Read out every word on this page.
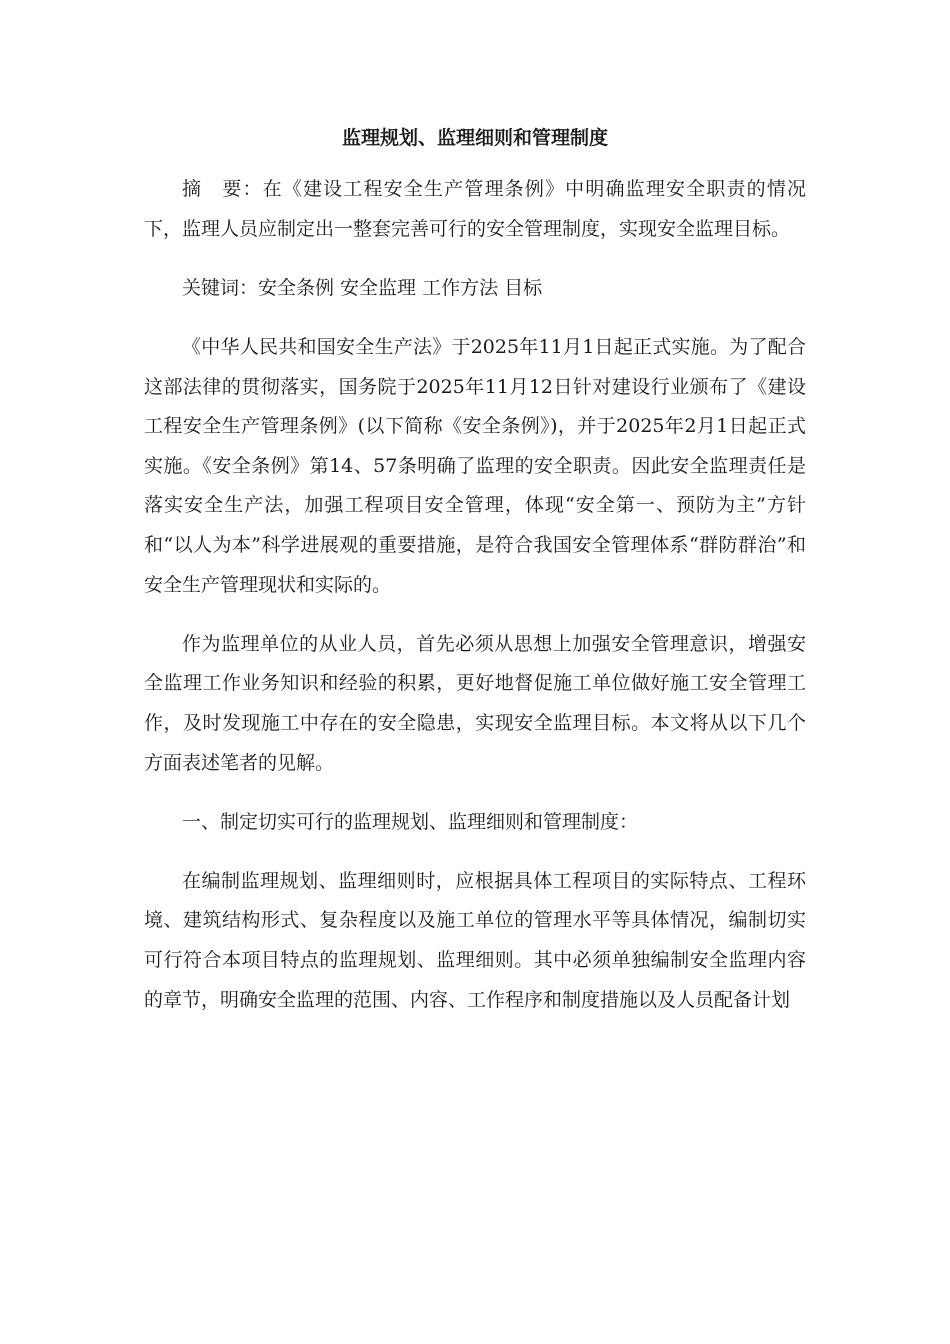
监理规划、监理细则和管理制度

摘　要：在《建设工程安全生产管理条例》中明确监理安全职责的情况下，监理人员应制定出一整套完善可行的安全管理制度，实现安全监理目标。

关键词：安全条例 安全监理 工作方法 目标

《中华人民共和国安全生产法》于2025年11月1日起正式实施。为了配合这部法律的贯彻落实，国务院于2025年11月12日针对建设行业颁布了《建设工程安全生产管理条例》(以下简称《安全条例》)，并于2025年2月1日起正式实施。《安全条例》第14、57条明确了监理的安全职责。因此安全监理责任是落实安全生产法，加强工程项目安全管理，体现“安全第一、预防为主”方针和“以人为本”科学进展观的重要措施，是符合我国安全管理体系“群防群治”和安全生产管理现状和实际的。

作为监理单位的从业人员，首先必须从思想上加强安全管理意识，增强安全监理工作业务知识和经验的积累，更好地督促施工单位做好施工安全管理工作，及时发现施工中存在的安全隐患，实现安全监理目标。本文将从以下几个方面表述笔者的见解。

一、制定切实可行的监理规划、监理细则和管理制度：

在编制监理规划、监理细则时，应根据具体工程项目的实际特点、工程环境、建筑结构形式、复杂程度以及施工单位的管理水平等具体情况，编制切实可行符合本项目特点的监理规划、监理细则。其中必须单独编制安全监理内容的章节，明确安全监理的范围、内容、工作程序和制度措施以及人员配备计划
